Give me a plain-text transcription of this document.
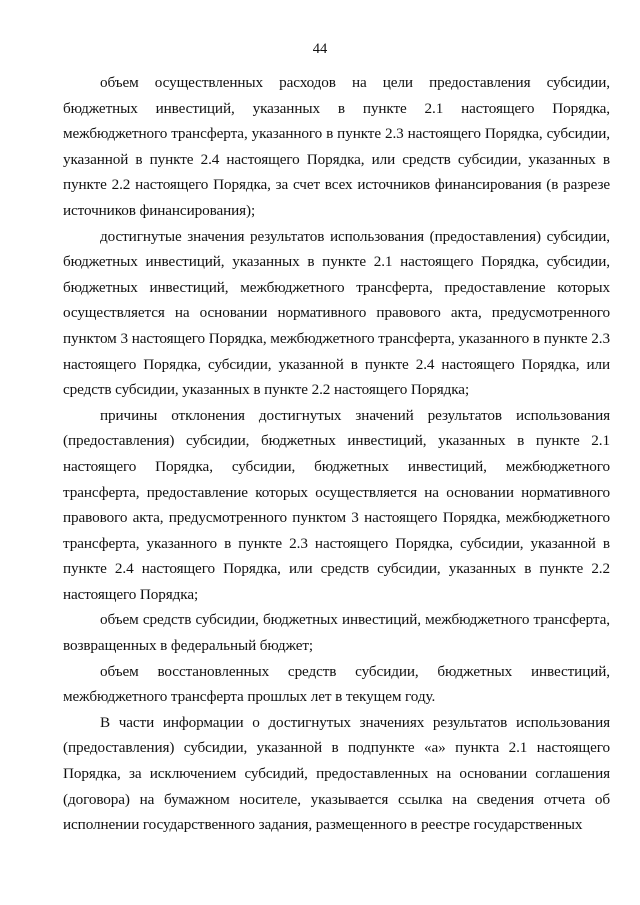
44

объем осуществленных расходов на цели предоставления субсидии, бюджетных инвестиций, указанных в пункте 2.1 настоящего Порядка, межбюджетного трансферта, указанного в пункте 2.3 настоящего Порядка, субсидии, указанной в пункте 2.4 настоящего Порядка, или средств субсидии, указанных в пункте 2.2 настоящего Порядка, за счет всех источников финансирования (в разрезе источников финансирования);

достигнутые значения результатов использования (предоставления) субсидии, бюджетных инвестиций, указанных в пункте 2.1 настоящего Порядка, субсидии, бюджетных инвестиций, межбюджетного трансферта, предоставление которых осуществляется на основании нормативного правового акта, предусмотренного пунктом 3 настоящего Порядка, межбюджетного трансферта, указанного в пункте 2.3 настоящего Порядка, субсидии, указанной в пункте 2.4 настоящего Порядка, или средств субсидии, указанных в пункте 2.2 настоящего Порядка;

причины отклонения достигнутых значений результатов использования (предоставления) субсидии, бюджетных инвестиций, указанных в пункте 2.1 настоящего Порядка, субсидии, бюджетных инвестиций, межбюджетного трансферта, предоставление которых осуществляется на основании нормативного правового акта, предусмотренного пунктом 3 настоящего Порядка, межбюджетного трансферта, указанного в пункте 2.3 настоящего Порядка, субсидии, указанной в пункте 2.4 настоящего Порядка, или средств субсидии, указанных в пункте 2.2 настоящего Порядка;

объем средств субсидии, бюджетных инвестиций, межбюджетного трансферта, возвращенных в федеральный бюджет;

объем восстановленных средств субсидии, бюджетных инвестиций, межбюджетного трансферта прошлых лет в текущем году.

В части информации о достигнутых значениях результатов использования (предоставления) субсидии, указанной в подпункте «а» пункта 2.1 настоящего Порядка, за исключением субсидий, предоставленных на основании соглашения (договора) на бумажном носителе, указывается ссылка на сведения отчета об исполнении государственного задания, размещенного в реестре государственных
